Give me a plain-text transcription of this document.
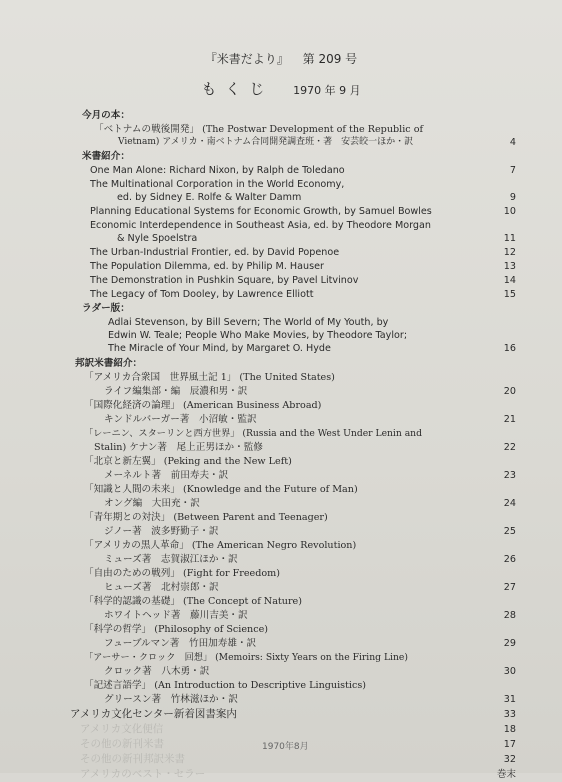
『米書だより』 第 209 号
もくじ 1970 年 9 月
今月の本：
「ベトナムの戦後開発」 (The Postwar Development of the Republic of
Vietnam) アメリカ・南ベトナム合同開発調査班・著　安芸皎一ほか・訳	4
米書紹介：
One Man Alone: Richard Nixon, by Ralph de Toledano	7
The Multinational Corporation in the World Economy,
ed. by Sidney E. Rolfe & Walter Damm	9
Planning Educational Systems for Economic Growth, by Samuel Bowles	10
Economic Interdependence in Southeast Asia, ed. by Theodore Morgan
& Nyle Spoelstra	11
The Urban-Industrial Frontier, ed. by David Popenoe	12
The Population Dilemma, ed. by Philip M. Hauser	13
The Demonstration in Pushkin Square, by Pavel Litvinov	14
The Legacy of Tom Dooley, by Lawrence Elliott	15
ラダー版：
Adlai Stevenson, by Bill Severn; The World of My Youth, by
Edwin W. Teale; People Who Make Movies, by Theodore Taylor;
The Miracle of Your Mind, by Margaret O. Hyde	16
邦訳米書紹介：
「アメリカ合衆国　世界風土記 1」 (The United States)
ライフ編集部・編　辰濃和男・訳	20
「国際化経済の論理」 (American Business Abroad)
キンドルバーガー著　小沼敏・監訳	21
「レーニン、スターリンと西方世界」 (Russia and the West Under Lenin and
Stalin) ケナン著　尾上正男ほか・監修	22
「北京と新左翼」 (Peking and the New Left)
メーネルト著　前田寿夫・訳	23
「知識と人間の未来」 (Knowledge and the Future of Man)
オング編　大田充・訳	24
「青年期との対決」 (Between Parent and Teenager)
ジノー著　波多野勤子・訳	25
「アメリカの黒人革命」 (The American Negro Revolution)
ミューズ著　志賀淑江ほか・訳	26
「自由のための戦列」 (Fight for Freedom)
ヒューズ著　北村崇郎・訳	27
「科学的認識の基礎」 (The Concept of Nature)
ホワイトヘッド著　藤川吉美・訳	28
「科学の哲学」 (Philosophy of Science)
フューブルマン著　竹田加寿雄・訳	29
「アーサー・クロック　回想」 (Memoirs: Sixty Years on the Firing Line)
クロック著　八木勇・訳	30
「記述言語学」 (An Introduction to Descriptive Linguistics)
グリースン著　竹林滋ほか・訳	31
アメリカ文化センター新着図書案内	33
アメリカ文化便信	18
その他の新刊米書	17
その他の新刊邦訳米書	32
アメリカのベスト・セラー	巻末
1970年8月
